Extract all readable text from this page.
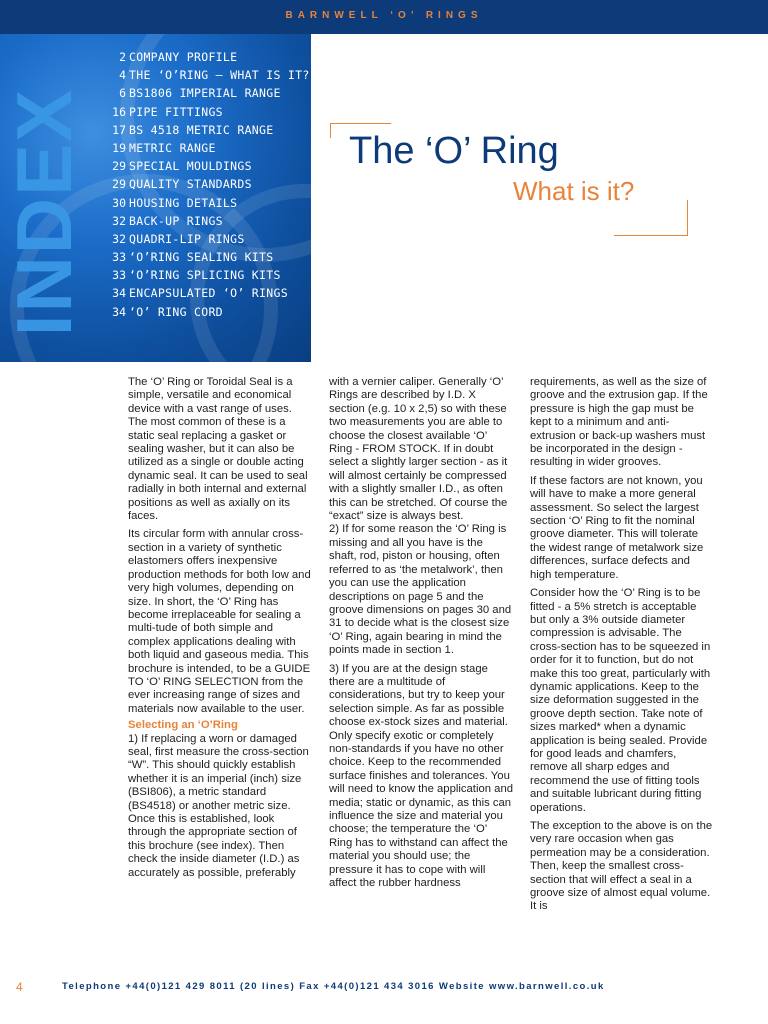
BARNWELL ‘O’ RINGS
INDEX
2 COMPANY PROFILE
4 THE ‘O’RING – WHAT IS IT?
6 BS1806 IMPERIAL RANGE
16 PIPE FITTINGS
17 BS 4518 METRIC RANGE
19 METRIC RANGE
29 SPECIAL MOULDINGS
29 QUALITY STANDARDS
30 HOUSING DETAILS
32 BACK-UP RINGS
32 QUADRI-LIP RINGS
33 ‘O’RING SEALING KITS
33 ‘O’RING SPLICING KITS
34 ENCAPSULATED ‘O’ RINGS
34 ‘O’ RING CORD
The ‘O’ Ring
What is it?

The ‘O’ Ring or Toroidal Seal is a simple, versatile and economical device with a vast range of uses. The most common of these is a static seal replacing a gasket or sealing washer, but it can also be utilized as a single or double acting dynamic seal. It can be used to seal radially in both internal and external positions as well as axially on its faces.

Its circular form with annular cross-section in a variety of synthetic elastomers offers inexpensive production methods for both low and very high volumes, depending on size. In short, the ‘O’ Ring has become irreplaceable for sealing a multi-tude of both simple and complex applications dealing with both liquid and gaseous media. This brochure is intended, to be a GUIDE TO ‘O’ RING SELECTION from the ever increasing range of sizes and materials now available to the user.

Selecting an ‘O’Ring

1) If replacing a worn or damaged seal, first measure the cross-section “W”. This should quickly establish whether it is an imperial (inch) size (BSI806), a metric standard (BS4518) or another metric size. Once this is established, look through the appropriate section of this brochure (see index). Then check the inside diameter (I.D.) as accurately as possible, preferably

with a vernier caliper. Generally ‘O’ Rings are described by I.D. X section (e.g. 10 x 2,5) so with these two measurements you are able to choose the closest available ‘O’ Ring - FROM STOCK. If in doubt select a slightly larger section - as it will almost certainly be compressed with a slightly smaller I.D., as often this can be stretched. Of course the “exact” size is always best.

2) If for some reason the ‘O’ Ring is missing and all you have is the shaft, rod, piston or housing, often referred to as ‘the metalwork’, then you can use the application descriptions on page 5 and the groove dimensions on pages 30 and 31 to decide what is the closest size ‘O’ Ring, again bearing in mind the points made in section 1.

3) If you are at the design stage there are a multitude of considerations, but try to keep your selection simple. As far as possible choose ex-stock sizes and material. Only specify exotic or completely non-standards if you have no other choice. Keep to the recommended surface finishes and tolerances. You will need to know the application and media; static or dynamic, as this can influence the size and material you choose; the temperature the ‘O’ Ring has to withstand can affect the material you should use; the pressure it has to cope with will affect the rubber hardness

requirements, as well as the size of groove and the extrusion gap. If the pressure is high the gap must be kept to a minimum and anti-extrusion or back-up washers must be incorporated in the design - resulting in wider grooves.

If these factors are not known, you will have to make a more general assessment. So select the largest section ‘O’ Ring to fit the nominal groove diameter. This will tolerate the widest range of metalwork size differences, surface defects and high temperature.

Consider how the ‘O’ Ring is to be fitted - a 5% stretch is acceptable but only a 3% outside diameter compression is advisable. The cross-section has to be squeezed in order for it to function, but do not make this too great, particularly with dynamic applications. Keep to the size deformation suggested in the groove depth section. Take note of sizes marked* when a dynamic application is being sealed. Provide for good leads and chamfers, remove all sharp edges and recommend the use of fitting tools and suitable lubricant during fitting operations.

The exception to the above is on the very rare occasion when gas permeation may be a consideration. Then, keep the smallest cross-section that will effect a seal in a groove size of almost equal volume. It is

4	Telephone +44(0)121 429 8011 (20 lines) Fax +44(0)121 434 3016 Website www.barnwell.co.uk
